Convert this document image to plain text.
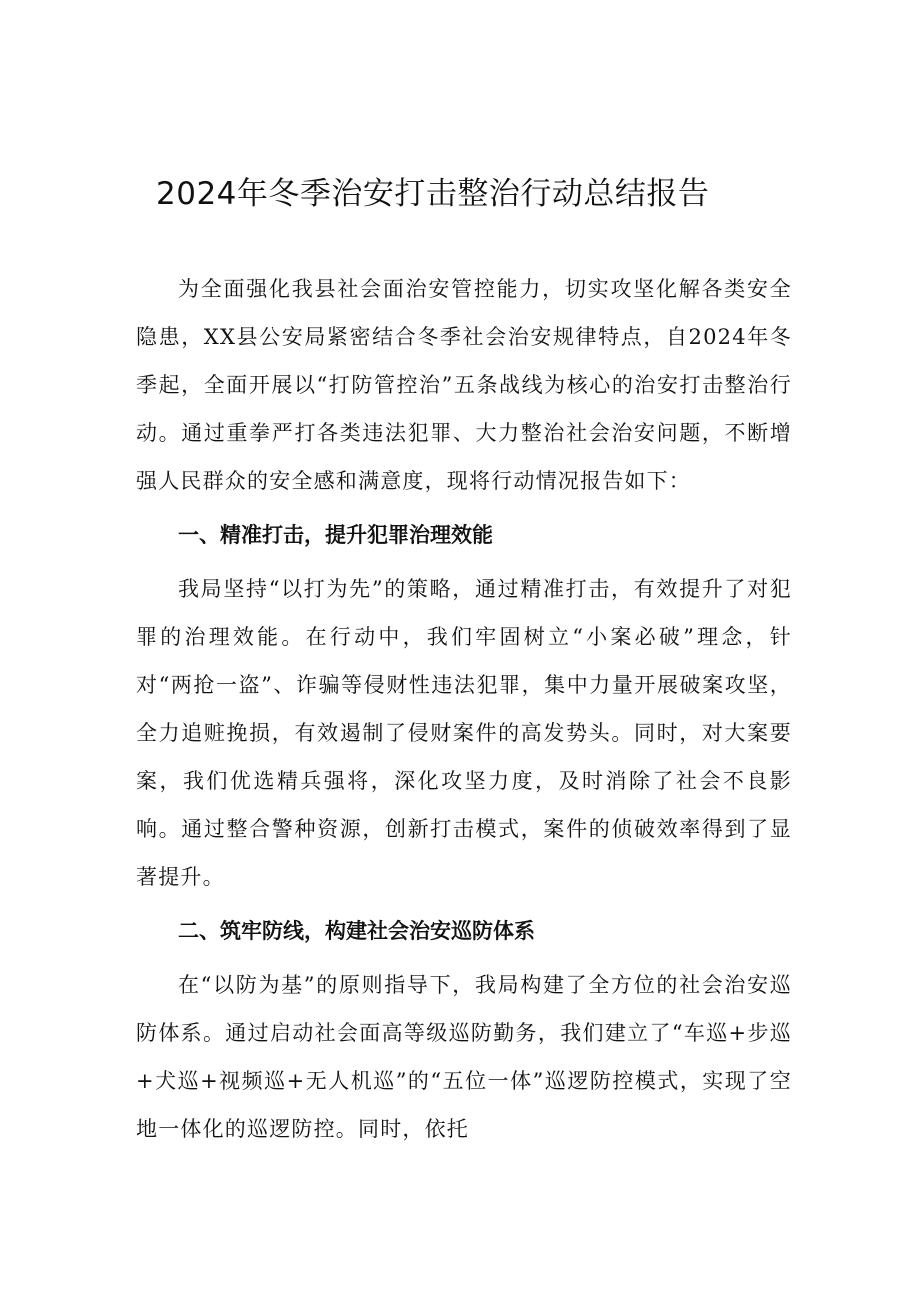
2024年冬季治安打击整治行动总结报告

为全面强化我县社会面治安管控能力，切实攻坚化解各类安全隐患，XX县公安局紧密结合冬季社会治安规律特点，自2024年冬季起，全面开展以“打防管控治”五条战线为核心的治安打击整治行动。通过重拳严打各类违法犯罪、大力整治社会治安问题，不断增强人民群众的安全感和满意度，现将行动情况报告如下：

一、精准打击，提升犯罪治理效能

我局坚持“以打为先”的策略，通过精准打击，有效提升了对犯罪的治理效能。在行动中，我们牢固树立“小案必破”理念，针对“两抢一盗”、诈骗等侵财性违法犯罪，集中力量开展破案攻坚，全力追赃挽损，有效遏制了侵财案件的高发势头。同时，对大案要案，我们优选精兵强将，深化攻坚力度，及时消除了社会不良影响。通过整合警种资源，创新打击模式，案件的侦破效率得到了显著提升。

二、筑牢防线，构建社会治安巡防体系

在“以防为基”的原则指导下，我局构建了全方位的社会治安巡防体系。通过启动社会面高等级巡防勤务，我们建立了“车巡+步巡+犬巡+视频巡+无人机巡”的“五位一体”巡逻防控模式，实现了空地一体化的巡逻防控。同时，依托
